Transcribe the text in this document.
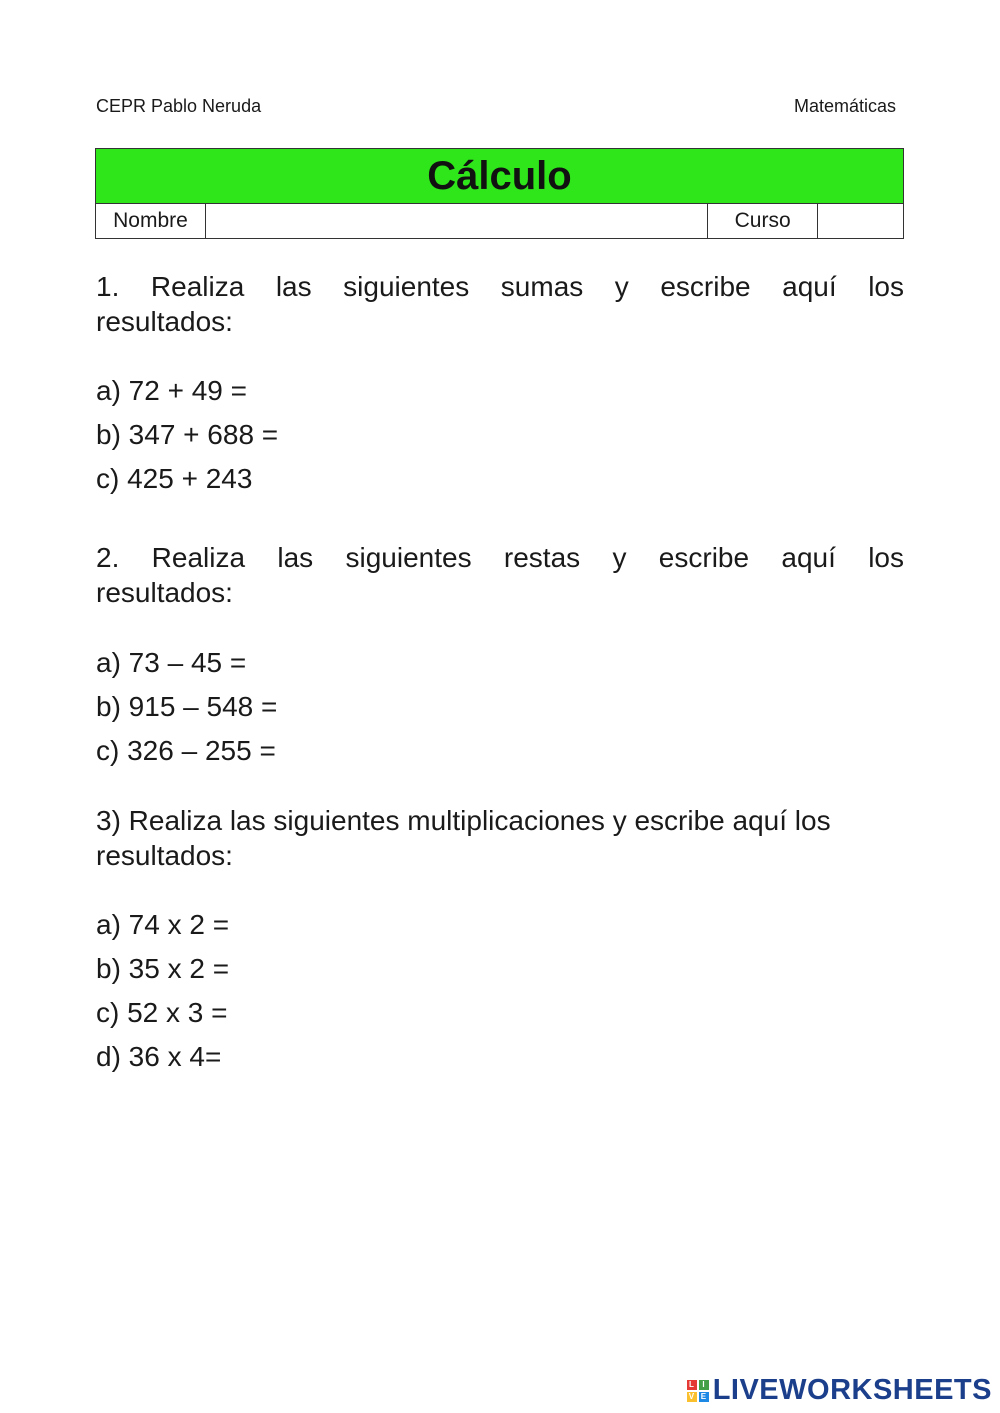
CEPR Pablo Neruda	Matemáticas
Cálculo
Nombre		Curso	
1. Realiza las siguientes sumas y escribe aquí los
resultados:
a) 72 + 49 =
b) 347 + 688 =
c) 425 + 243
2. Realiza las siguientes restas y escribe aquí los
resultados:
a) 73 – 45 =
b) 915 – 548 =
c) 326 – 255 =
3) Realiza las siguientes multiplicaciones y escribe aquí los
resultados:
a) 74 x 2 =
b) 35 x 2 =
c) 52 x 3 =
d) 36 x 4=
L I
V E LIVEWORKSHEETS
